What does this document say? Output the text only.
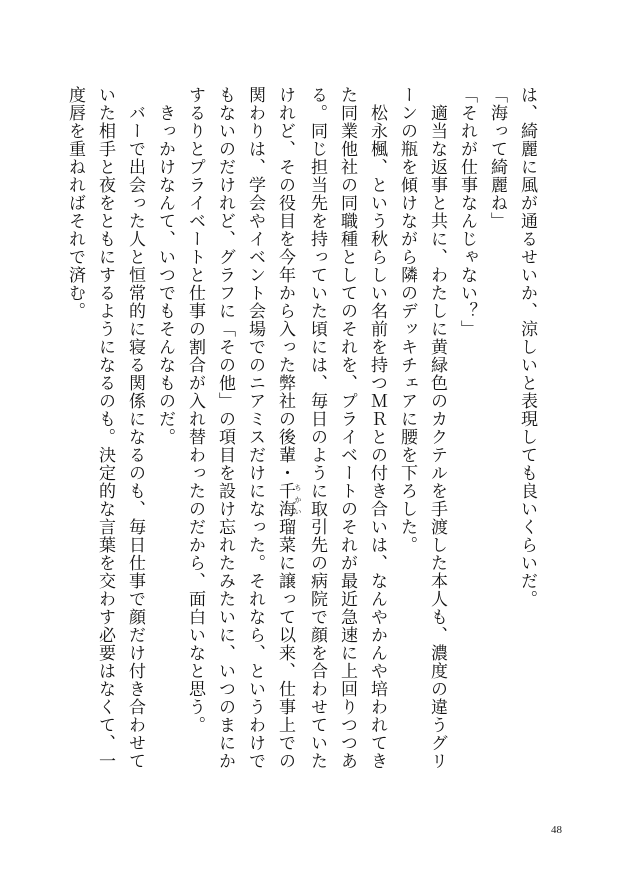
は、綺麗に風が通るせいか、涼しいと表現しても良いくらいだ。
「海って綺麗ね」
「それが仕事なんじゃない？」
　適当な返事と共に、わたしに黄緑色のカクテルを手渡した本人も、濃度の違うグリ
ーンの瓶を傾けながら隣のデッキチェアに腰を下ろした。
　松永楓、という秋らしい名前を持つＭＲとの付き合いは、なんやかんや培われてき
た同業他社の同職種としてのそれを、プライベートのそれが最近急速に上回りつつあ
る。同じ担当先を持っていた頃には、毎日のように取引先の病院で顔を合わせていた
けれど、その役目を今年から入った弊社の後輩・千海 ちかい瑠菜に譲って以来、仕事上での
関わりは、学会やイベント会場でのニアミスだけになった。それなら、というわけで
もないのだけれど、グラフに「その他」の項目を設け忘れたみたいに、いつのまにか
するりとプライベートと仕事の割合が入れ替わったのだから、面白いなと思う。
　きっかけなんて、いつでもそんなものだ。
　バーで出会った人と恒常的に寝る関係になるのも、毎日仕事で顔だけ付き合わせて
いた相手と夜をともにするようになるのも。決定的な言葉を交わす必要はなくて、一
度唇を重ねればそれで済む。
48
